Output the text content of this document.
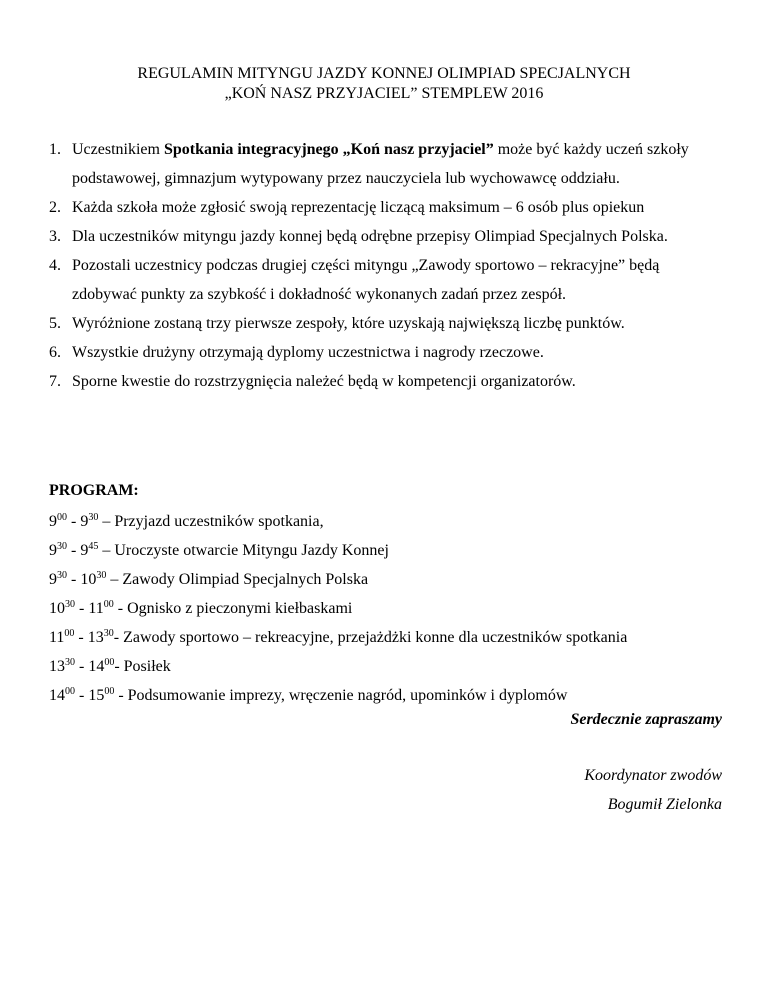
REGULAMIN MITYNGU JAZDY KONNEJ OLIMPIAD SPECJALNYCH
„KOŃ NASZ PRZYJACIEL” STEMPLEW 2016
1. Uczestnikiem Spotkania integracyjnego „Koń nasz przyjaciel” może być każdy uczeń szkoły podstawowej, gimnazjum wytypowany przez nauczyciela lub wychowawcę oddziału.
2. Każda szkoła może zgłosić swoją reprezentację liczącą maksimum – 6 osób plus opiekun
3. Dla uczestników mityngu jazdy konnej będą odrębne przepisy Olimpiad Specjalnych Polska.
4. Pozostali uczestnicy podczas drugiej części mityngu „Zawody sportowo – rekracyjne” będą zdobywać punkty za szybkość i dokładność wykonanych zadań przez zespół.
5. Wyróżnione zostaną trzy pierwsze zespoły, które uzyskają największą liczbę punktów.
6. Wszystkie drużyny otrzymają dyplomy uczestnictwa i nagrody rzeczowe.
7. Sporne kwestie do rozstrzygnięcia należeć będą w kompetencji organizatorów.
PROGRAM:
$9^{00} - 9^{30}$ – Przyjazd uczestników spotkania,
$9^{30} - 9^{45}$ – Uroczyste otwarcie Mityngu Jazdy Konnej
$9^{30} - 10^{30}$ – Zawody Olimpiad Specjalnych Polska
$10^{30} - 11^{00}$ - Ognisko z pieczonymi kiełbaskami
$11^{00} - 13^{30}-$ Zawody sportowo – rekreacyjne, przejażdżki konne dla uczestników spotkania
$13^{30} - 14^{00}-$ Posiłek
$14^{00} - 15^{00}$ - Podsumowanie imprezy, wręczenie nagród, upominków i dyplomów
Serdecznie zapraszamy
Koordynator zwodów
Bogumił Zielonka
